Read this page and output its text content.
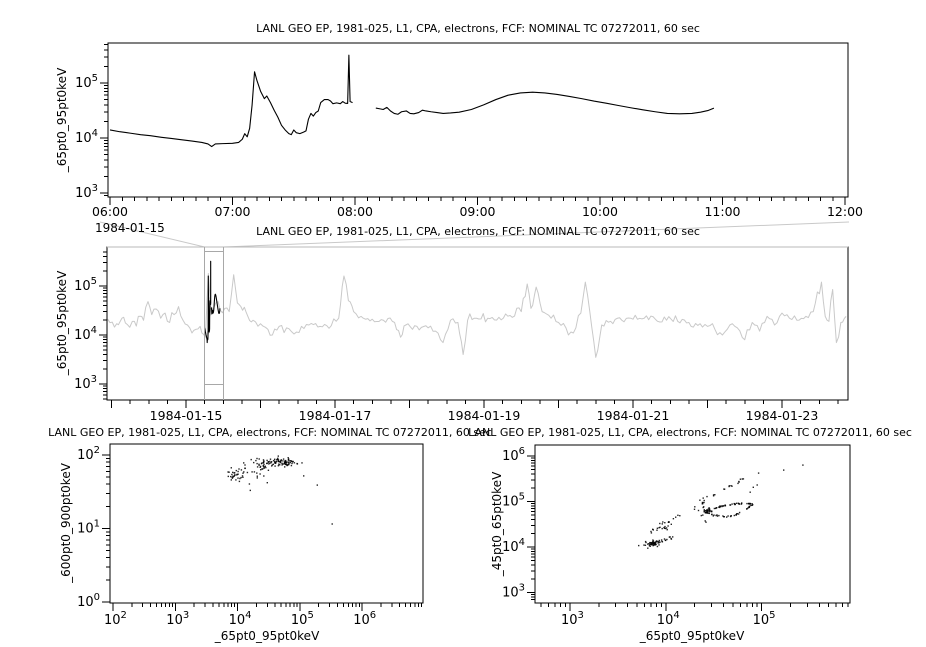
$10^3$
$10^4$
$10^5$
06:00	07:00	08:00	09:00	10:00	11:00	12:00
$10^3$
$10^4$
$10^5$
1984-01-15	1984-01-17	1984-01-19	1984-01-21	1984-01-23
$10^0$
$10^1$
$10^2$
$10^2$	$10^3$	$10^4$	$10^5$	$10^6$
$10^3$
$10^4$
$10^5$
$10^6$
$10^3$	$10^4$	$10^5$
LANL GEO EP, 1981-025, L1, CPA, electrons, FCF: NOMINAL TC 07272011, 60 sec
1984-01-15	LANL GEO EP, 1981-025, L1, CPA, electrons, FCF: NOMINAL TC 07272011, 60 sec
LANL GEO EP, 1981-025, L1, CPA, electrons, FCF: NOMINAL TC 07272011, 60 sec
LANL GEO EP, 1981-025, L1, CPA, electrons, FCF: NOMINAL TC 07272011, 60 sec
_65pt0_95pt0keV
_65pt0_95pt0keV
_600pt0_900pt0keV	_45pt0_65pt0keV
_65pt0_95pt0keV	_65pt0_95pt0keV
